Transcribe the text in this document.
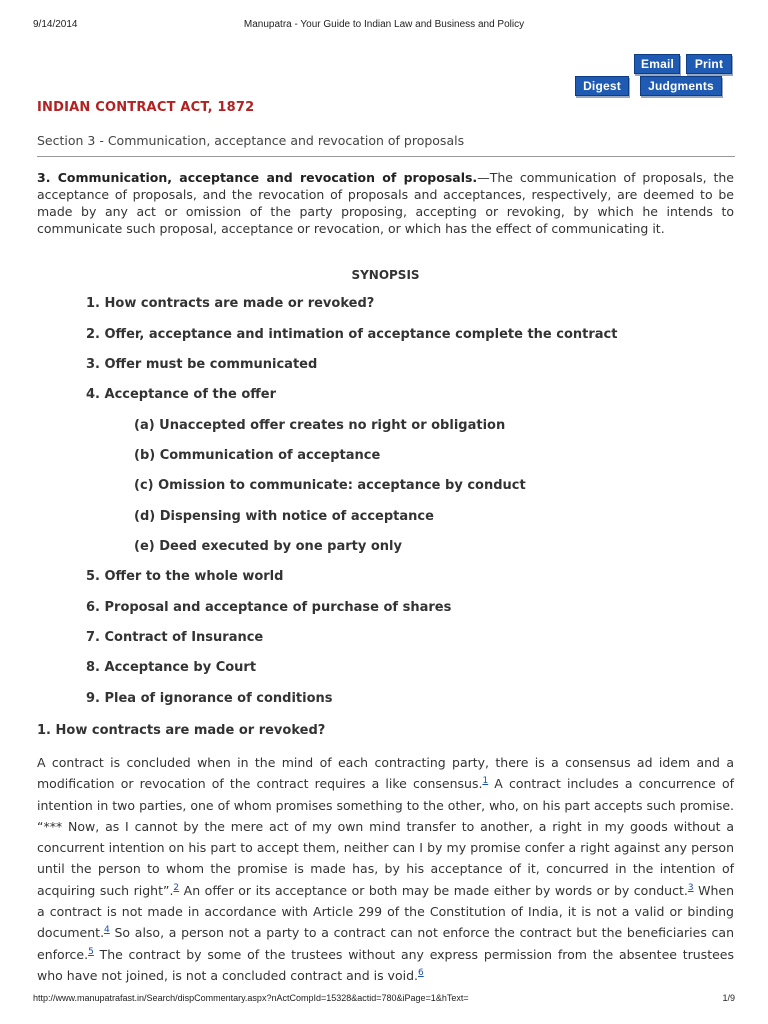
9/14/2014	Manupatra - Your Guide to Indian Law and Business and Policy
Email	Print
Digest	Judgments
INDIAN CONTRACT ACT, 1872
Section 3 - Communication, acceptance and revocation of proposals
3. Communication, acceptance and revocation of proposals.—The communication of proposals, the acceptance of proposals, and the revocation of proposals and acceptances, respectively, are deemed to be made by any act or omission of the party proposing, accepting or revoking, by which he intends to communicate such proposal, acceptance or revocation, or which has the effect of communicating it.
SYNOPSIS
1. How contracts are made or revoked?
2. Offer, acceptance and intimation of acceptance complete the contract
3. Offer must be communicated
4. Acceptance of the offer
(a) Unaccepted offer creates no right or obligation
(b) Communication of acceptance
(c) Omission to communicate: acceptance by conduct
(d) Dispensing with notice of acceptance
(e) Deed executed by one party only
5. Offer to the whole world
6. Proposal and acceptance of purchase of shares
7. Contract of Insurance
8. Acceptance by Court
9. Plea of ignorance of conditions
1. How contracts are made or revoked?
A contract is concluded when in the mind of each contracting party, there is a consensus ad idem and a modification or revocation of the contract requires a like consensus.$^1$ A contract includes a concurrence of intention in two parties, one of whom promises something to the other, who, on his part accepts such promise. “*** Now, as I cannot by the mere act of my own mind transfer to another, a right in my goods without a concurrent intention on his part to accept them, neither can I by my promise confer a right against any person until the person to whom the promise is made has, by his acceptance of it, concurred in the intention of acquiring such right”.$^2$ An offer or its acceptance or both may be made either by words or by conduct.$^3$ When a contract is not made in accordance with Article 299 of the Constitution of India, it is not a valid or binding document.$^4$ So also, a person not a party to a contract can not enforce the contract but the beneficiaries can enforce.$^5$ The contract by some of the trustees without any express permission from the absentee trustees who have not joined, is not a concluded contract and is void.$^6$
http://www.manupatrafast.in/Search/dispCommentary.aspx?nActCompId=15328&actid=780&iPage=1&hText=	1/9
